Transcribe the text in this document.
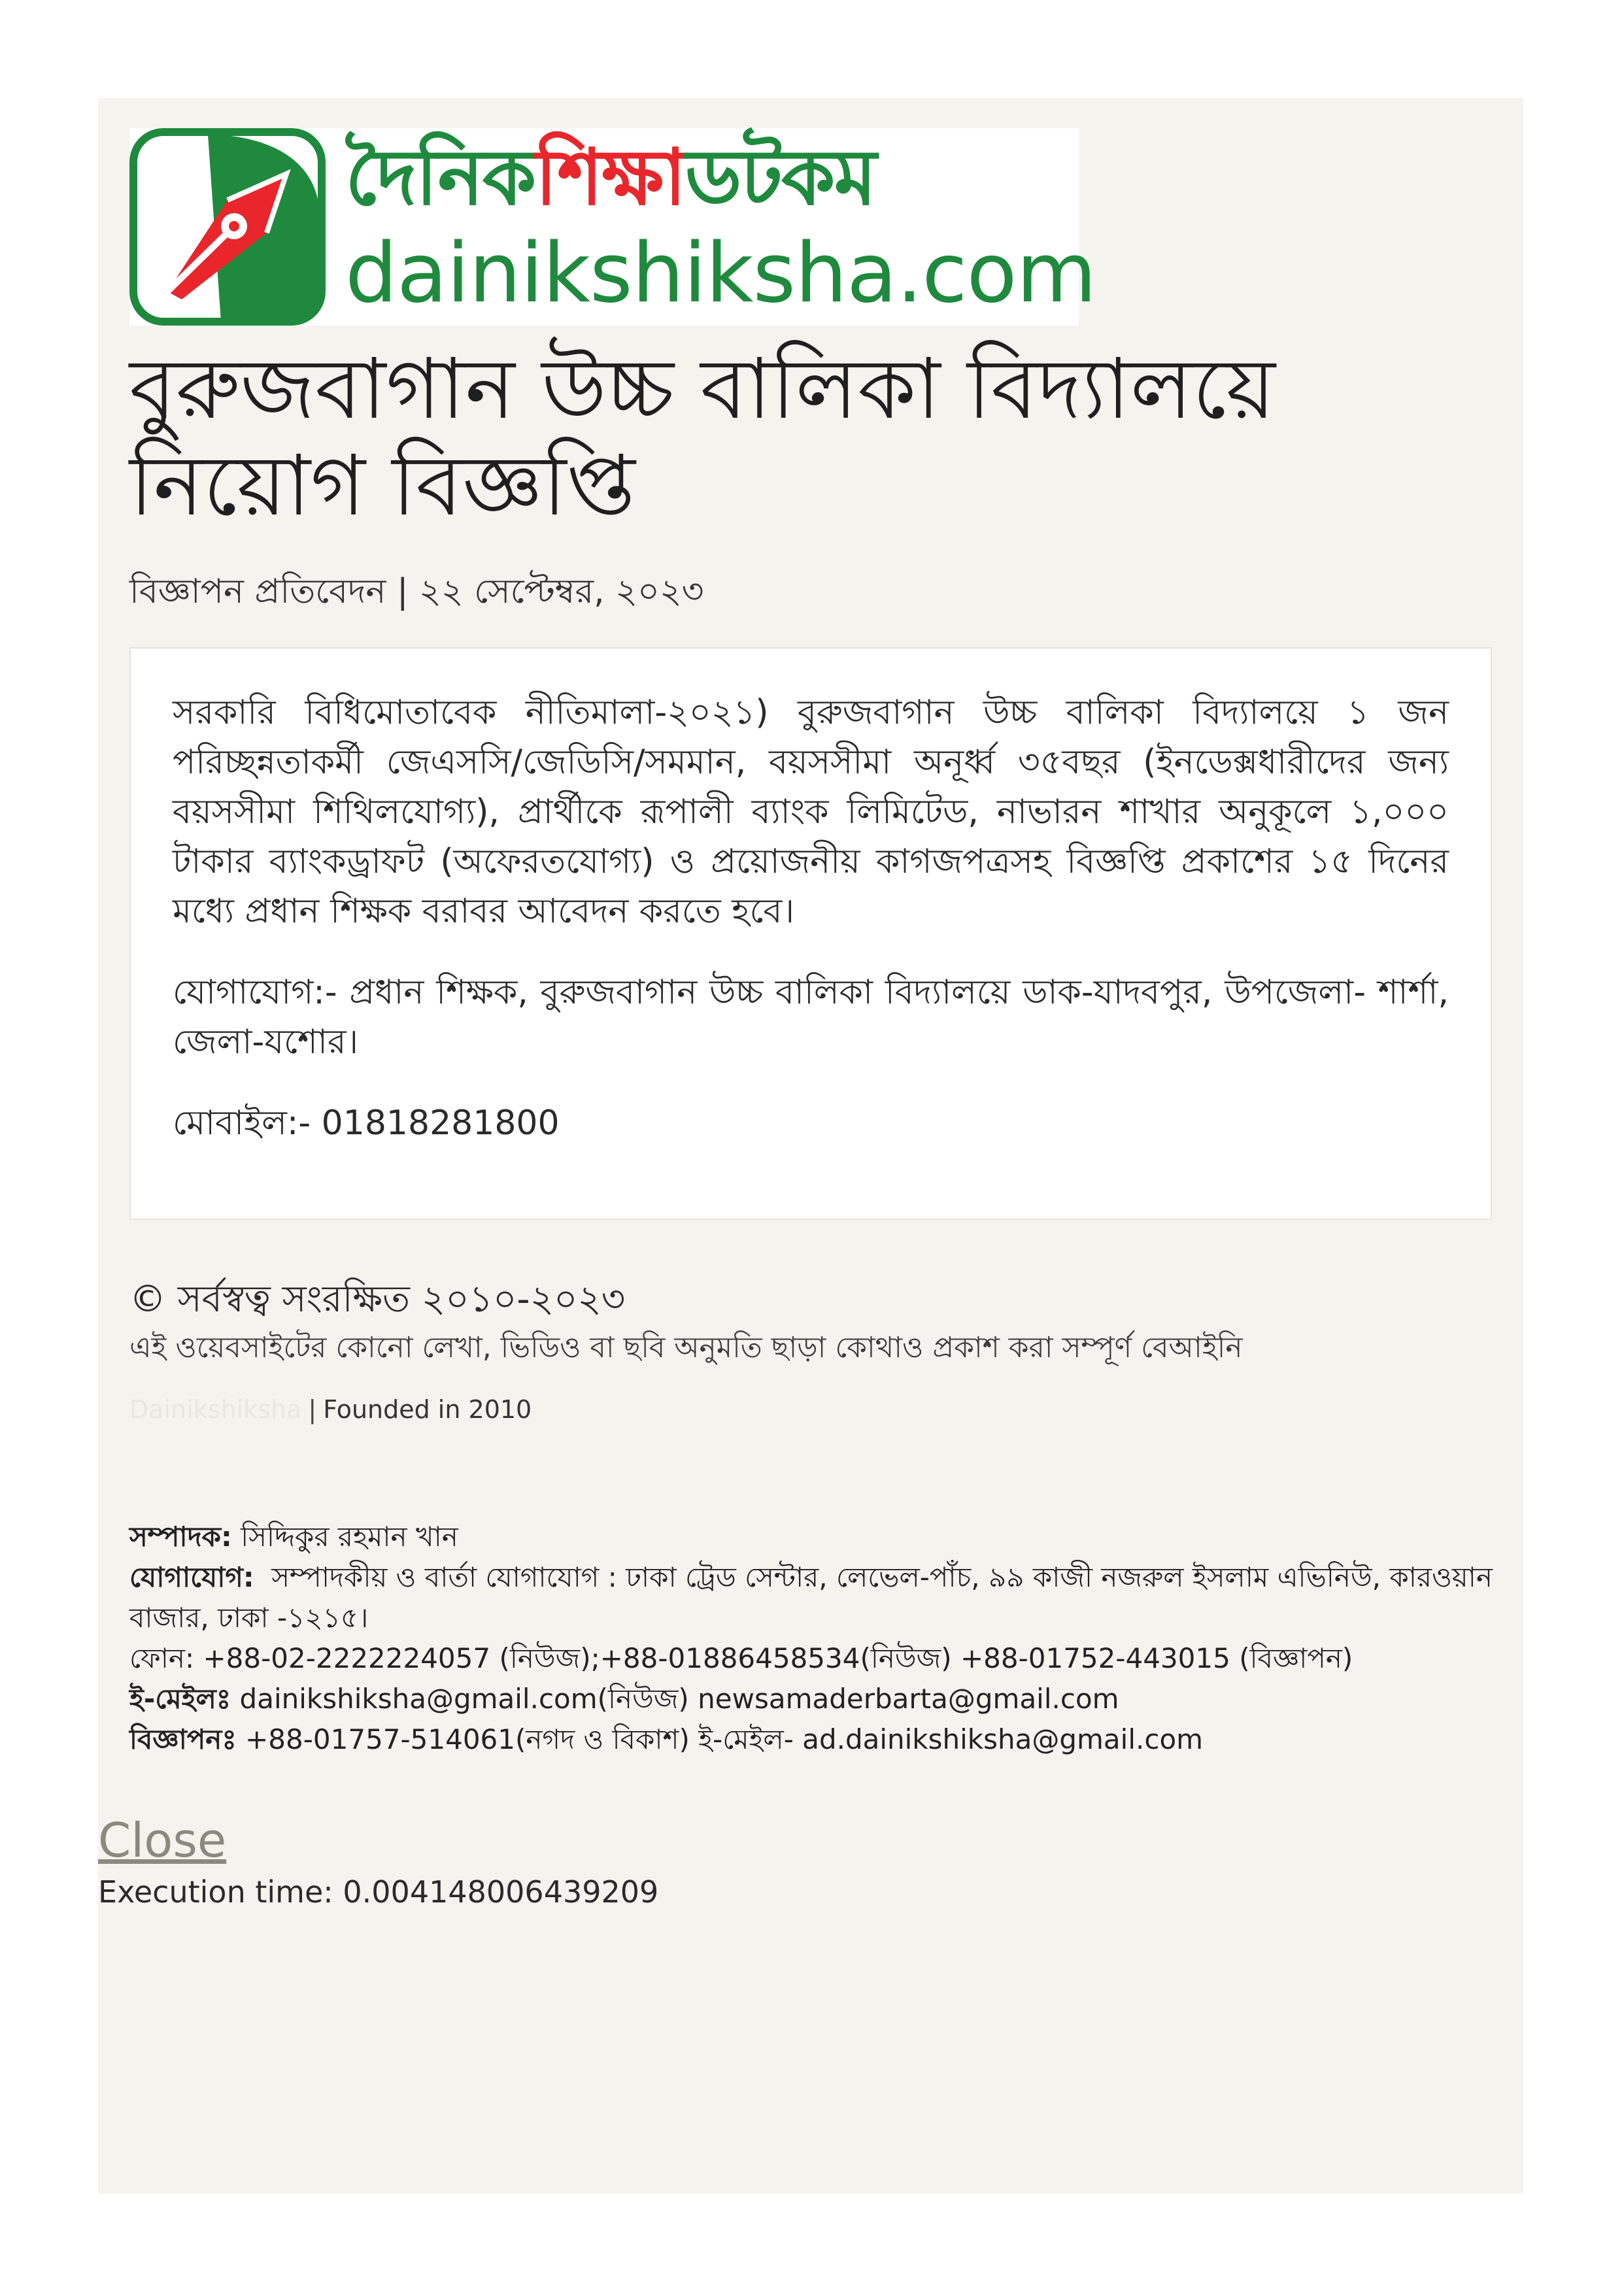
দৈনিকশিক্ষাডটকম
dainikshiksha.com
বুরুজবাগান উচ্চ বালিকা বিদ্যালয়ে নিয়োগ বিজ্ঞপ্তি
বিজ্ঞাপন প্রতিবেদন | ২২ সেপ্টেম্বর, ২০২৩

সরকারি বিধিমোতাবেক নীতিমালা-২০২১) বুরুজবাগান উচ্চ বালিকা বিদ্যালয়ে ১ জন পরিচ্ছন্নতাকর্মী জেএসসি/জেডিসি/সমমান, বয়সসীমা অনূর্ধ্ব ৩৫বছর (ইনডেক্সধারীদের জন্য বয়সসীমা শিথিলযোগ্য), প্রার্থীকে রূপালী ব্যাংক লিমিটেড, নাভারন শাখার অনুকূলে ১,০০০ টাকার ব্যাংকড্রাফট (অফেরতযোগ্য) ও প্রয়োজনীয় কাগজপত্রসহ বিজ্ঞপ্তি প্রকাশের ১৫ দিনের মধ্যে প্রধান শিক্ষক বরাবর আবেদন করতে হবে।

যোগাযোগ:- প্রধান শিক্ষক, বুরুজবাগান উচ্চ বালিকা বিদ্যালয়ে ডাক-যাদবপুর, উপজেলা- শার্শা, জেলা-যশোর।

মোবাইল:- 01818281800

© সর্বস্বত্ব সংরক্ষিত ২০১০-২০২৩
এই ওয়েবসাইটের কোনো লেখা, ভিডিও বা ছবি অনুমতি ছাড়া কোথাও প্রকাশ করা সম্পূর্ণ বেআইনি
Dainikshiksha | Founded in 2010
সম্পাদক: সিদ্দিকুর রহমান খান
যোগাযোগ: সম্পাদকীয় ও বার্তা যোগাযোগ : ঢাকা ট্রেড সেন্টার, লেভেল-পাঁচ, ৯৯ কাজী নজরুল ইসলাম এভিনিউ, কারওয়ান বাজার, ঢাকা -১২১৫।
ফোন: +88-02-2222224057 (নিউজ);+88-01886458534(নিউজ) +88-01752-443015 (বিজ্ঞাপন)
ই-মেইলঃ dainikshiksha@gmail.com(নিউজ) newsamaderbarta@gmail.com
বিজ্ঞাপনঃ +88-01757-514061(নগদ ও বিকাশ) ই-মেইল- ad.dainikshiksha@gmail.com
Close
Execution time: 0.004148006439209
